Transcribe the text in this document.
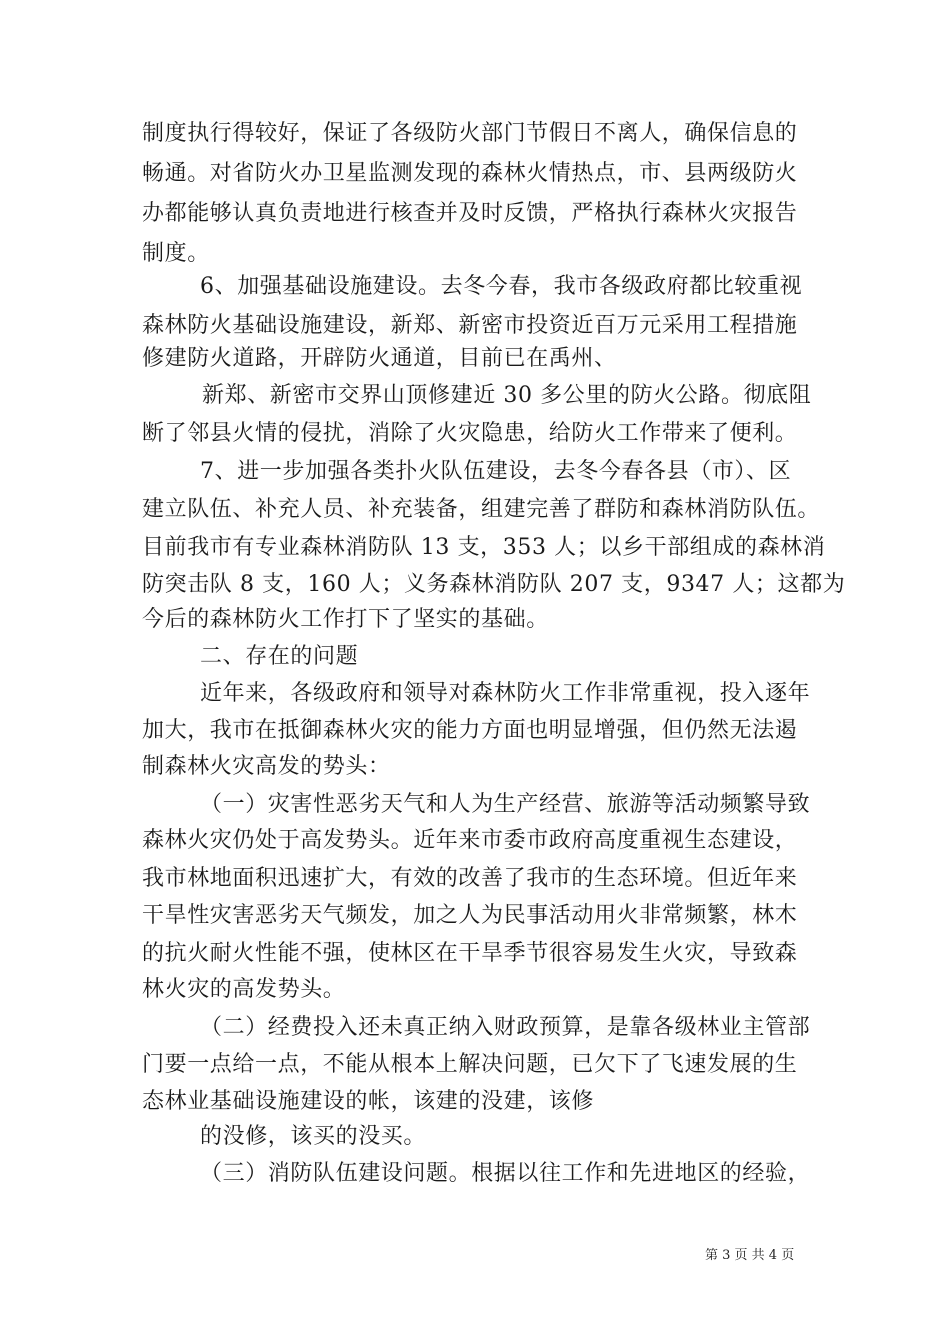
制度执行得较好，保证了各级防火部门节假日不离人，确保信息的
畅通。对省防火办卫星监测发现的森林火情热点，市、县两级防火
办都能够认真负责地进行核查并及时反馈，严格执行森林火灾报告
制度。
6、加强基础设施建设。去冬今春，我市各级政府都比较重视
森林防火基础设施建设，新郑、新密市投资近百万元采用工程措施
修建防火道路，开辟防火通道，目前已在禹州、
新郑、新密市交界山顶修建近 30 多公里的防火公路。彻底阻
断了邻县火情的侵扰，消除了火灾隐患，给防火工作带来了便利。
7、进一步加强各类扑火队伍建设，去冬今春各县（市）、区
建立队伍、补充人员、补充装备，组建完善了群防和森林消防队伍。
目前我市有专业森林消防队 13 支，353 人；以乡干部组成的森林消
防突击队 8 支，160 人；义务森林消防队 207 支，9347 人；这都为
今后的森林防火工作打下了坚实的基础。
二、存在的问题
近年来，各级政府和领导对森林防火工作非常重视，投入逐年
加大，我市在抵御森林火灾的能力方面也明显增强，但仍然无法遏
制森林火灾高发的势头：
（一）灾害性恶劣天气和人为生产经营、旅游等活动频繁导致
森林火灾仍处于高发势头。近年来市委市政府高度重视生态建设，
我市林地面积迅速扩大，有效的改善了我市的生态环境。但近年来
干旱性灾害恶劣天气频发，加之人为民事活动用火非常频繁，林木
的抗火耐火性能不强，使林区在干旱季节很容易发生火灾，导致森
林火灾的高发势头。
（二）经费投入还未真正纳入财政预算，是靠各级林业主管部
门要一点给一点，不能从根本上解决问题，已欠下了飞速发展的生
态林业基础设施建设的帐，该建的没建，该修
的没修，该买的没买。
（三）消防队伍建设问题。根据以往工作和先进地区的经验，
第 3 页 共 4 页
